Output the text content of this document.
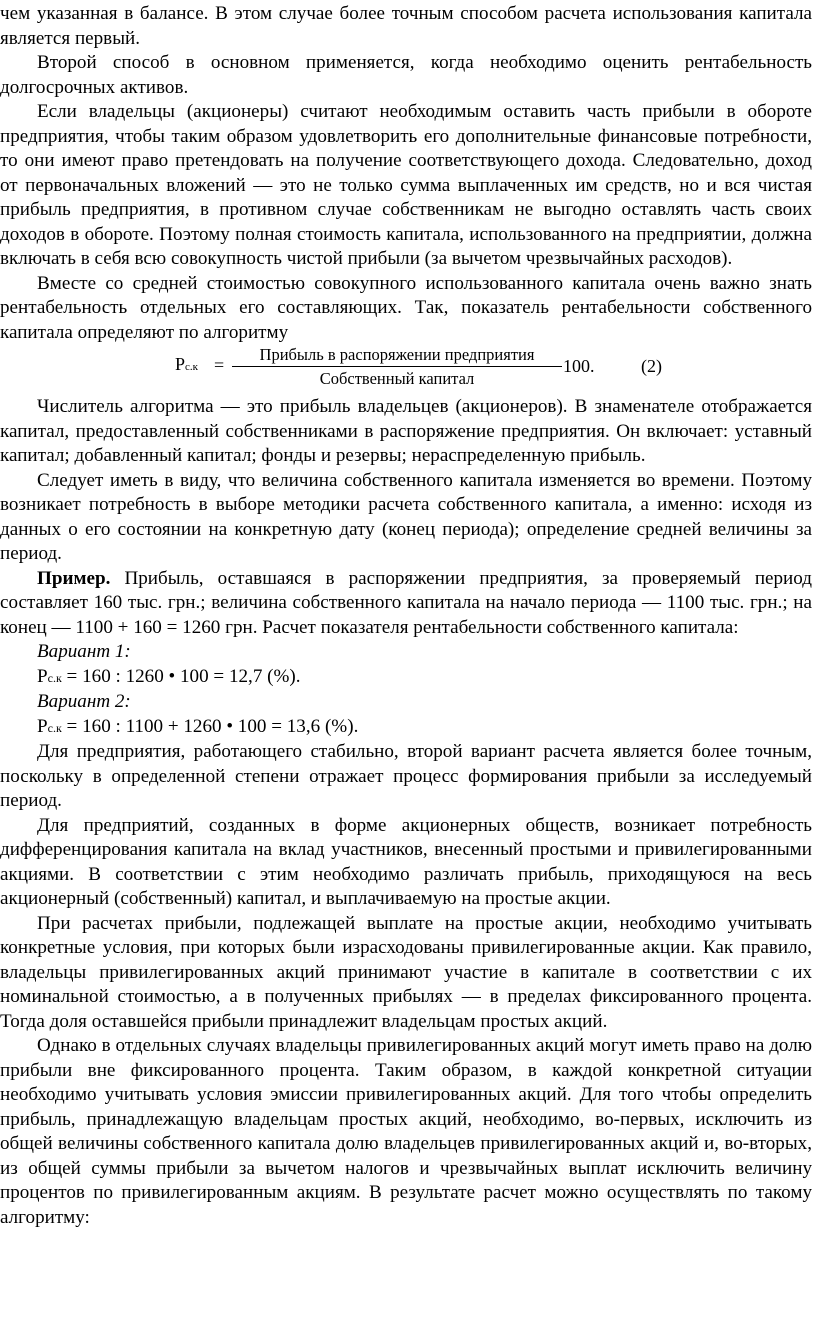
чем указанная в балансе. В этом случае более точным способом расчета использования капитала является первый.

Второй способ в основном применяется, когда необходимо оценить рентабельность долгосрочных активов.

Если владельцы (акционеры) считают необходимым оставить часть прибыли в обороте предприятия, чтобы таким образом удовлетворить его дополнительные финансовые потребности, то они имеют право претендовать на получение соответствующего дохода. Следовательно, доход от первоначальных вложений — это не только сумма выплаченных им средств, но и вся чистая прибыль предприятия, в противном случае собственникам не выгодно оставлять часть своих доходов в обороте. Поэтому полная стоимость капитала, использованного на предприятии, должна включать в себя всю совокупность чистой прибыли (за вычетом чрезвычайных расходов).

Вместе со средней стоимостью совокупного использованного капитала очень важно знать рентабельность отдельных его составляющих. Так, показатель рентабельности собственного капитала определяют по алгоритму

Рс.к =
Прибыль в распоряжении предприятия
Собственный капитал
100.	(2)

Числитель алгоритма — это прибыль владельцев (акционеров). В знаменателе отображается капитал, предоставленный собственниками в распоряжение предприятия. Он включает: уставный капитал; добавленный капитал; фонды и резервы; нераспределенную прибыль.

Следует иметь в виду, что величина собственного капитала изменяется во времени. Поэтому возникает потребность в выборе методики расчета собственного капитала, а именно: исходя из данных о его состоянии на конкретную дату (конец периода); определение средней величины за период.

Пример. Прибыль, оставшаяся в распоряжении предприятия, за проверяемый период составляет 160 тыс. грн.; величина собственного капитала на начало периода — 1100 тыс. грн.; на конец — 1100 + 160 = 1260 грн. Расчет показателя рентабельности собственного капитала:

Вариант 1:

Рс.к = 160 : 1260 • 100 = 12,7 (%).

Вариант 2:

Рс.к = 160 : 1100 + 1260 • 100 = 13,6 (%).

Для предприятия, работающего стабильно, второй вариант расчета является более точным, поскольку в определенной степени отражает процесс формирования прибыли за исследуемый период.

Для предприятий, созданных в форме акционерных обществ, возникает потребность дифференцирования капитала на вклад участников, внесенный простыми и привилегированными акциями. В соответствии с этим необходимо различать прибыль, приходящуюся на весь акционерный (собственный) капитал, и выплачиваемую на простые акции.

При расчетах прибыли, подлежащей выплате на простые акции, необходимо учитывать конкретные условия, при которых были израсходованы привилегированные акции. Как правило, владельцы привилегированных акций принимают участие в капитале в соответствии с их номинальной стоимостью, а в полученных прибылях — в пределах фиксированного процента. Тогда доля оставшейся прибыли принадлежит владельцам простых акций.

Однако в отдельных случаях владельцы привилегированных акций могут иметь право на долю прибыли вне фиксированного процента. Таким образом, в каждой конкретной ситуации необходимо учитывать условия эмиссии привилегированных акций. Для того чтобы определить прибыль, принадлежащую владельцам простых акций, необходимо, во-первых, исключить из общей величины собственного капитала долю владельцев привилегированных акций и, во-вторых, из общей суммы прибыли за вычетом налогов и чрезвычайных выплат исключить величину процентов по привилегированным акциям. В результате расчет можно осуществлять по такому алгоритму:
